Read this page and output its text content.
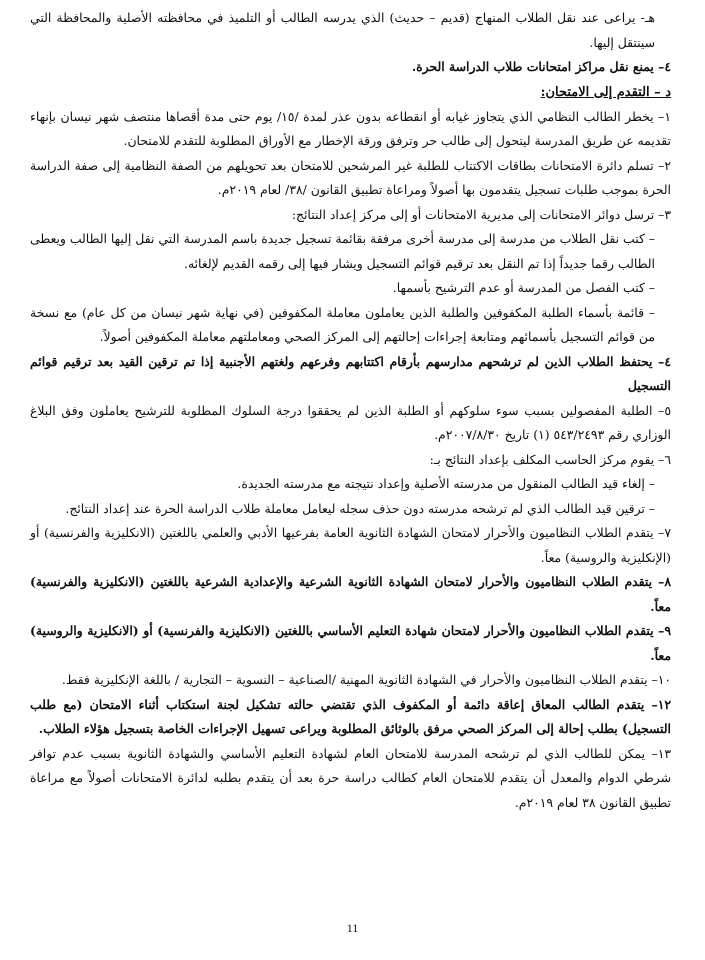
هـ- يراعى عند نقل الطلاب المنهاج (قديم – حديث) الذي يدرسه الطالب أو التلميذ في محافظته الأصلية والمحافظة التي سينتقل إليها.

٤– يمنع نقل مراكز امتحانات طلاب الدراسة الحرة.

د – التقدم إلى الامتحان:

١– يخطر الطالب النظامي الذي يتجاوز غيابه أو انقطاعه بدون عذر لمدة /١٥/ يوم حتى مدة أقصاها منتصف شهر نيسان بإنهاء تقديمه عن طريق المدرسة ليتحول إلى طالب حر وترفق ورقة الإخطار مع الأوراق المطلوبة للتقدم للامتحان.

٢– تسلم دائرة الامتحانات بطاقات الاكتتاب للطلبة غير المرشحين للامتحان بعد تحويلهم من الصفة النظامية إلى صفة الدراسة الحرة بموجب طلبات تسجيل يتقدمون بها أصولاً ومراعاة تطبيق القانون /٣٨/ لعام ٢٠١٩م.

٣– ترسل دوائر الامتحانات إلى مديرية الامتحانات أو إلى مركز إعداد النتائج:

– كتب نقل الطلاب من مدرسة إلى مدرسة أخرى مرفقة بقائمة تسجيل جديدة باسم المدرسة التي نقل إليها الطالب ويعطى الطالب رقما جديداً إذا تم النقل بعد ترقيم قوائم التسجيل ويشار فيها إلى رقمه القديم لإلغائه.

– كتب الفصل من المدرسة أو عدم الترشيح بأسمها.

– قائمة بأسماء الطلبة المكفوفين والطلبة الذين يعاملون معاملة المكفوفين (في نهاية شهر نيسان من كل عام) مع نسخة من قوائم التسجيل بأسمائهم ومتابعة إجراءات إحالتهم إلى المركز الصحي ومعاملتهم معاملة المكفوفين أصولاً.

٤– يحتفظ الطلاب الذين لم ترشحهم مدارسهم بأرقام اكتتابهم وفرعهم ولغتهم الأجنبية إذا تم ترقين القيد بعد ترقيم قوائم التسجيل

٥– الطلبة المفصولين بسبب سوء سلوكهم أو الطلبة الذين لم يحققوا درجة السلوك المطلوبة للترشيح يعاملون وفق البلاغ الوزاري رقم ٥٤٣/٢٤٩٣ (١) تاريخ ٢٠٠٧/٨/٣٠م.

٦– يقوم مركز الحاسب المكلف بإعداد النتائج بـ:

– إلغاء قيد الطالب المنقول من مدرسته الأصلية وإعداد نتيجته مع مدرسته الجديدة.

– ترقين قيد الطالب الذي لم ترشحه مدرسته دون حذف سجله ليعامل معاملة طلاب الدراسة الحرة عند إعداد النتائج.

٧– يتقدم الطلاب النظاميون والأحرار لامتحان الشهادة الثانوية العامة بفرعيها الأدبي والعلمي باللغتين (الانكليزية والفرنسية) أو (الإنكليزية والروسية) معاً.

٨– يتقدم الطلاب النظاميون والأحرار لامتحان الشهادة الثانوية الشرعية والإعدادية الشرعية باللغتين (الانكليزية والفرنسية) معاً.

٩– يتقدم الطلاب النظاميون والأحرار لامتحان شهادة التعليم الأساسي باللغتين (الانكليزية والفرنسية) أو (الانكليزية والروسية) معاً.

١٠– يتقدم الطلاب النظاميون والأحرار في الشهادة الثانوية المهنية /الصناعية – النسوية – التجارية / باللغة الإنكليزية فقط.

١٢– يتقدم الطالب المعاق إعاقة دائمة أو المكفوف الذي تقتضي حالته تشكيل لجنة استكتاب أثناء الامتحان (مع طلب التسجيل) بطلب إحالة إلى المركز الصحي مرفق بالوثائق المطلوبة ويراعى تسهيل الإجراءات الخاصة بتسجيل هؤلاء الطلاب.

١٣– يمكن للطالب الذي لم ترشحه المدرسة للامتحان العام لشهادة التعليم الأساسي والشهادة الثانوية بسبب عدم توافر شرطي الدوام والمعدل أن يتقدم للامتحان العام كطالب دراسة حرة بعد أن يتقدم بطلبه لدائرة الامتحانات أصولاً مع مراعاة تطبيق القانون ٣٨ لعام ٢٠١٩م.

11
